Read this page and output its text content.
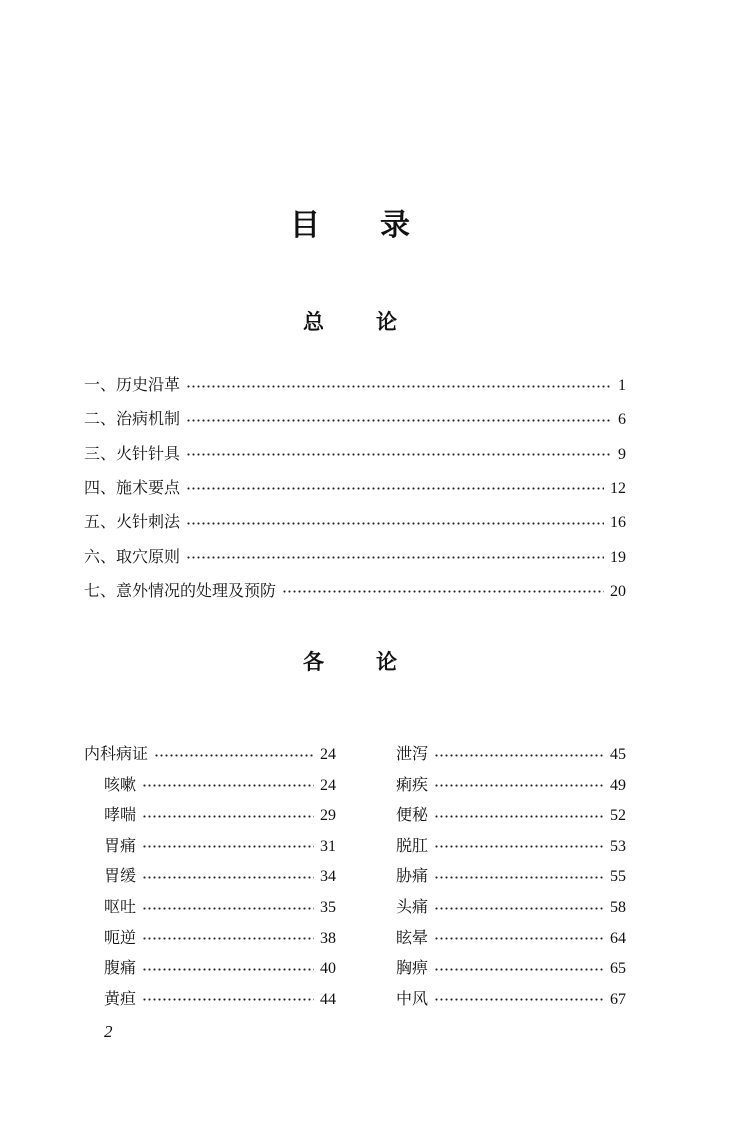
目录
总论
一、历史沿革	1
二、治病机制	6
三、火针针具	9
四、施术要点	12
五、火针刺法	16
六、取穴原则	19
七、意外情况的处理及预防	20
各论
内科病证	24
咳嗽	24
哮喘	29
胃痛	31
胃缓	34
呕吐	35
呃逆	38
腹痛	40
黄疸	44
泄泻	45
痢疾	49
便秘	52
脱肛	53
胁痛	55
头痛	58
眩晕	64
胸痹	65
中风	67
2
